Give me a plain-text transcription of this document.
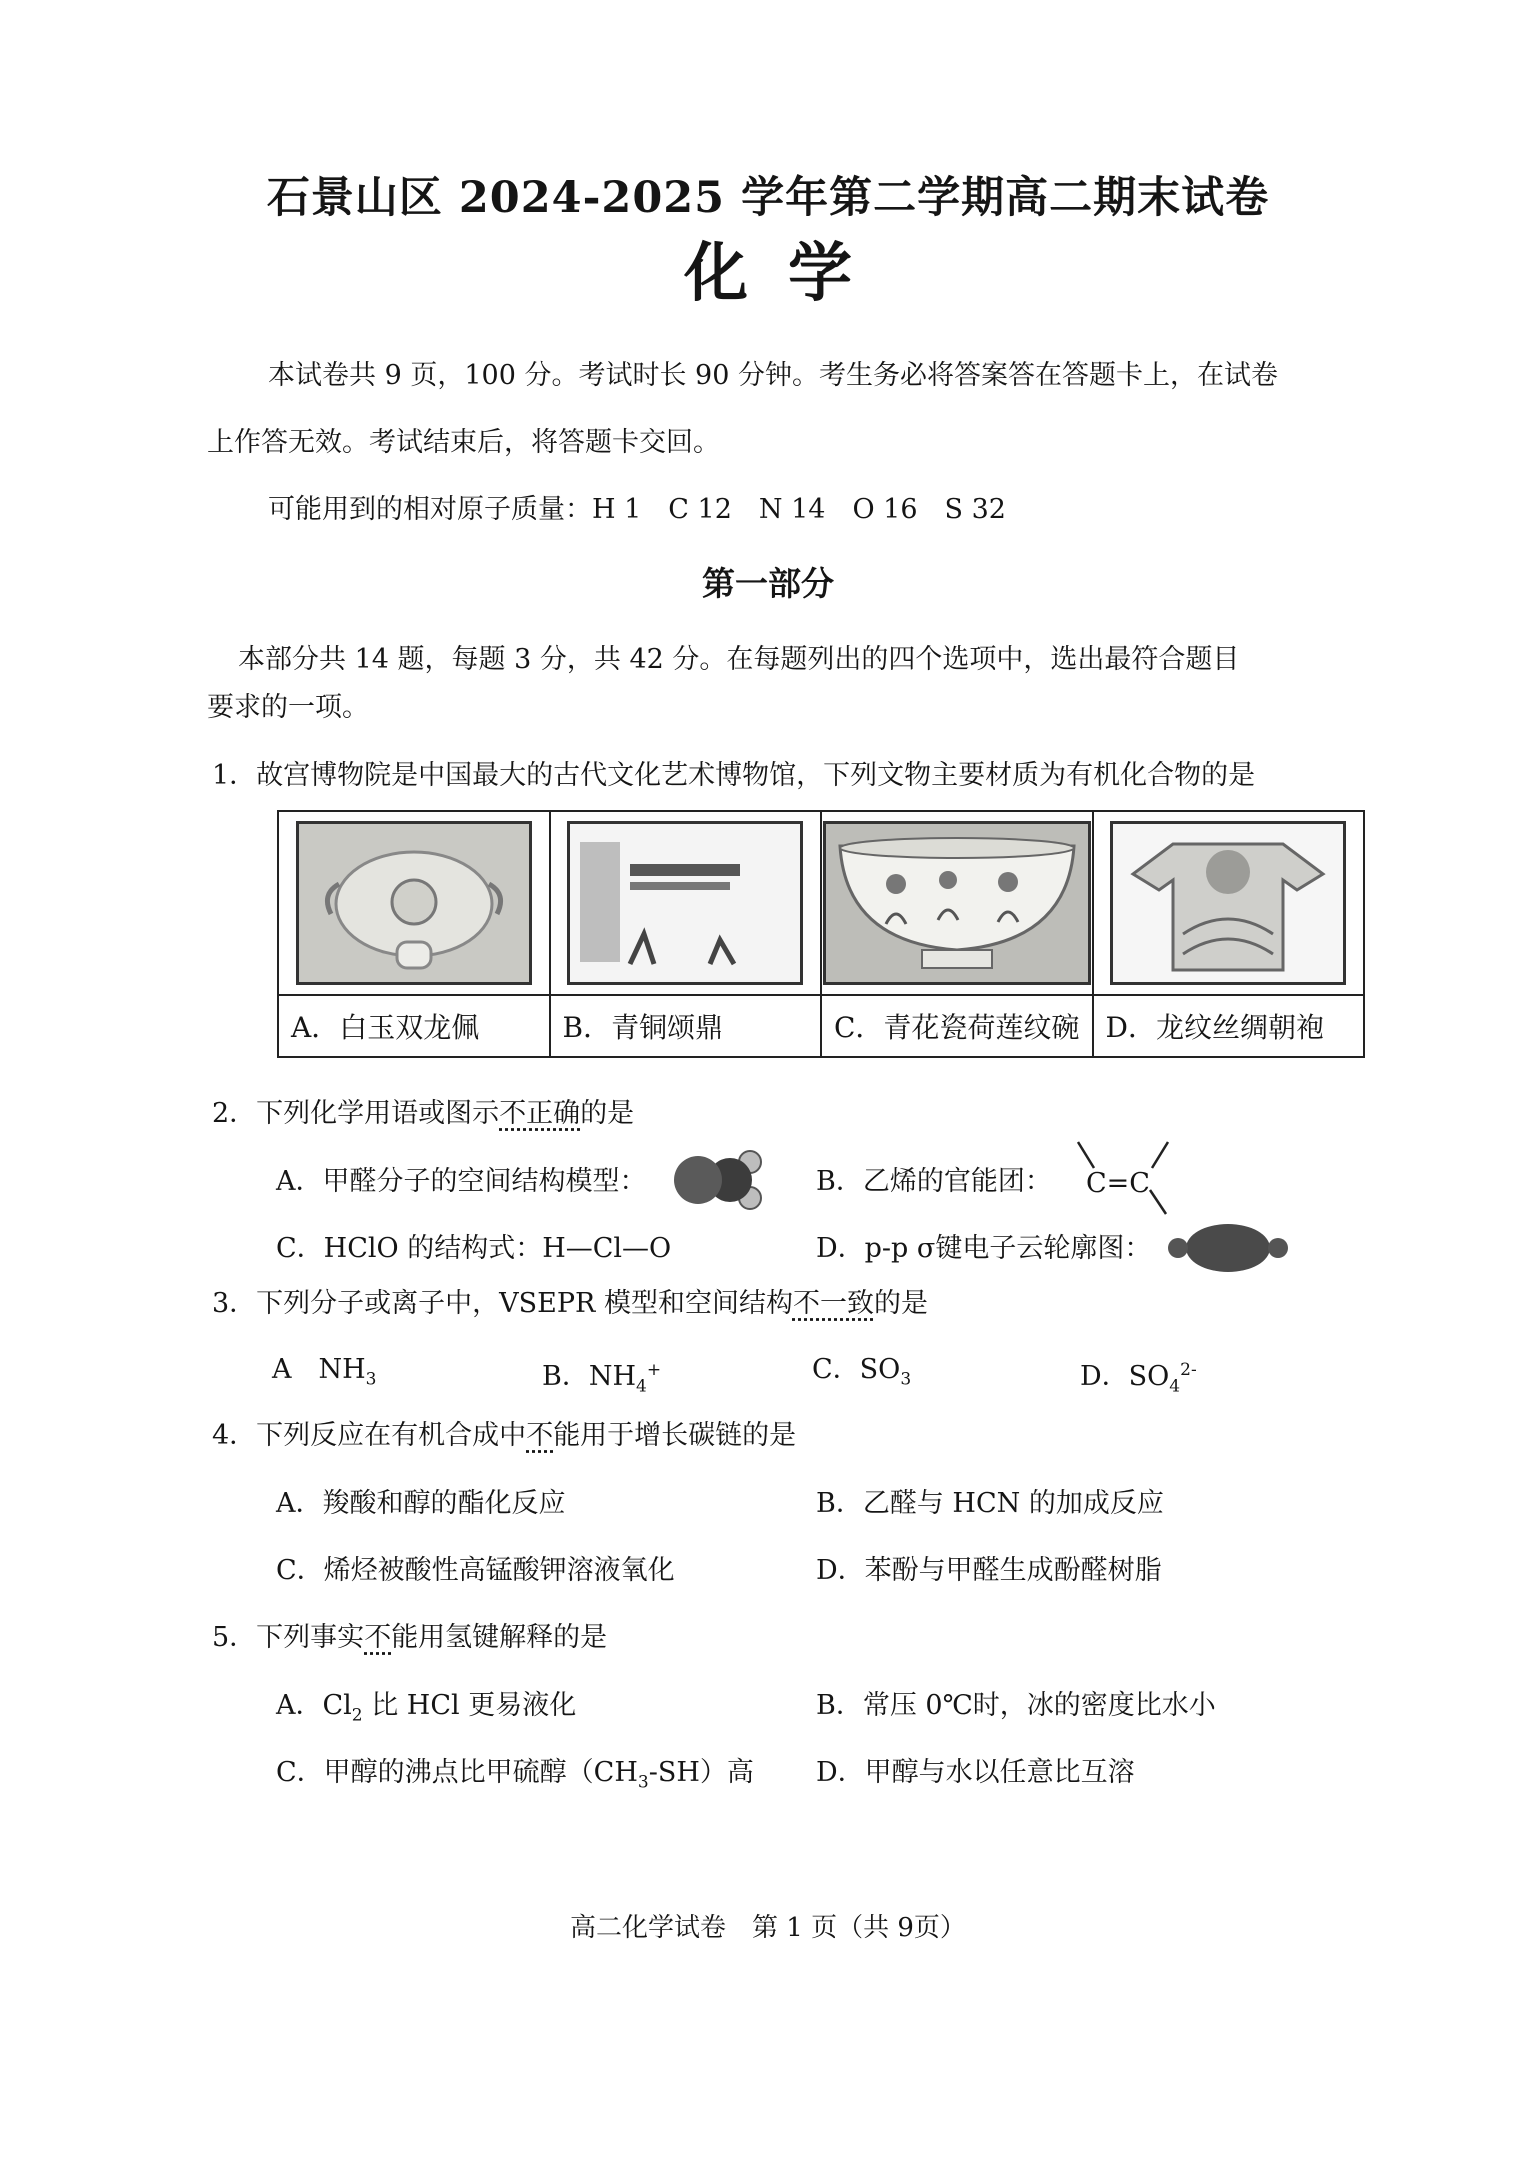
石景山区 2024-2025 学年第二学期高二期末试卷
化学
本试卷共 9 页，100 分。考试时长 90 分钟。考生务必将答案答在答题卡上，在试卷
上作答无效。考试结束后，将答题卡交回。
可能用到的相对原子质量：H 1　C 12　N 14　O 16　S 32
第一部分
本部分共 14 题，每题 3 分，共 42 分。在每题列出的四个选项中，选出最符合题目
要求的一项。
1．故宫博物院是中国最大的古代文化艺术博物馆，下列文物主要材质为有机化合物的是

A．白玉双龙佩	B．青铜颂鼎	C．青花瓷荷莲纹碗	D．龙纹丝绸朝袍
2．下列化学用语或图示不正确的是
A．甲醛分子的空间结构模型：	B．乙烯的官能团： C=C
C．HClO 的结构式：H—Cl—O	D．p-p σ键电子云轮廓图：
3．下列分子或离子中，VSEPR 模型和空间结构不一致的是
A　 $NH_3$	B．$NH_4^+$	C．$SO_3$	D．$SO_4^{2-}$
4．下列反应在有机合成中不能用于增长碳链的是
A．羧酸和醇的酯化反应	B．乙醛与 HCN 的加成反应
C．烯烃被酸性高锰酸钾溶液氧化	D．苯酚与甲醛生成酚醛树脂
5．下列事实不能用氢键解释的是
A．$Cl_2$ 比 HCl 更易液化	B．常压 0℃时，冰的密度比水小
C．甲醇的沸点比甲硫醇$(CH_3-SH)$高 D．甲醇与水以任意比互溶
高二化学试卷　第 1 页（共 9页）
